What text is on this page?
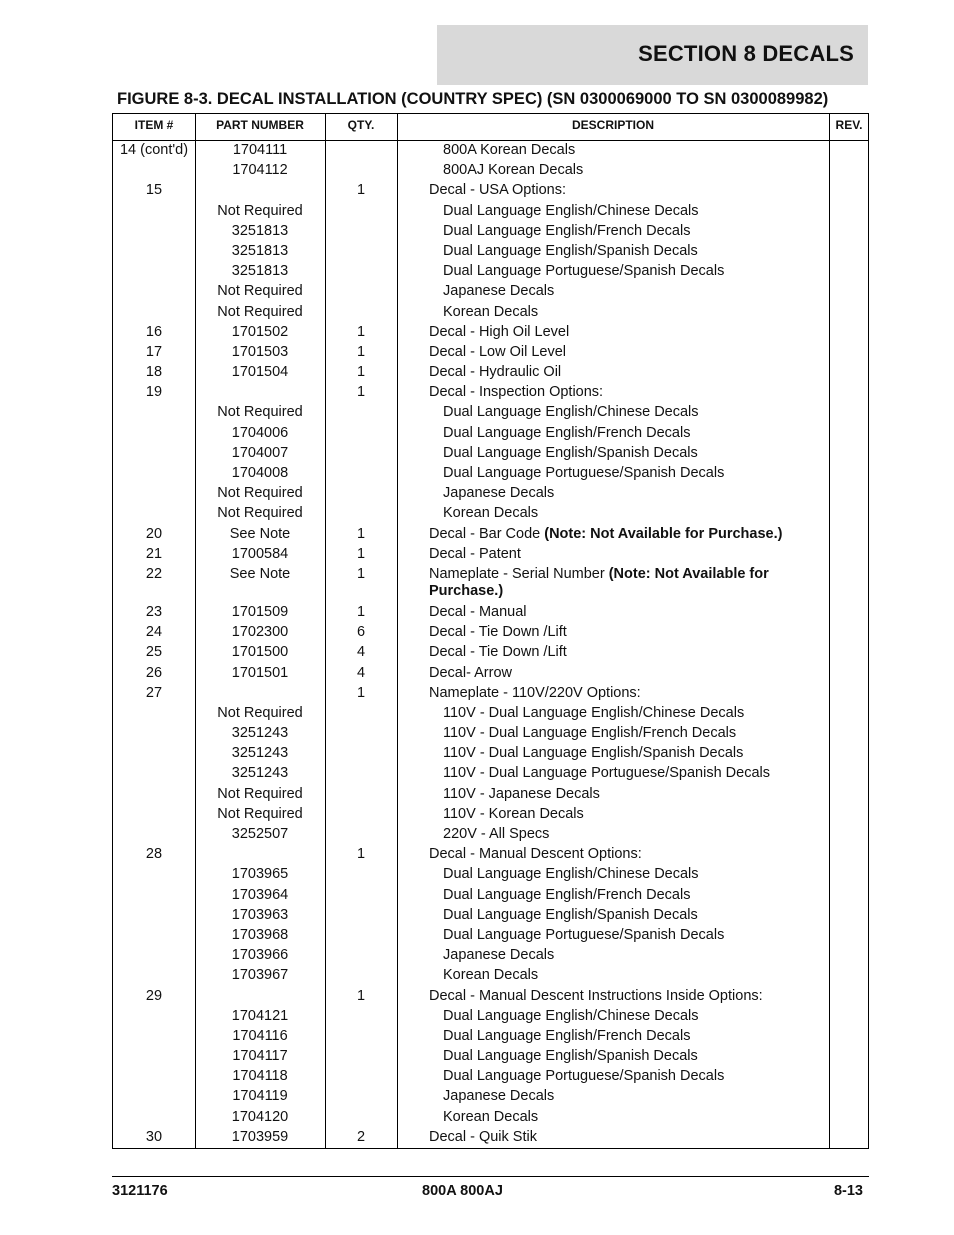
SECTION 8 DECALS
FIGURE 8-3. DECAL INSTALLATION (COUNTRY SPEC) (SN 0300069000 TO SN 0300089982)
ITEM #	PART NUMBER	QTY.	DESCRIPTION	REV.
14 (cont'd)	1704111	800A Korean Decals
1704112	800AJ Korean Decals
15	1	Decal - USA Options:
Not Required	Dual Language English/Chinese Decals
3251813	Dual Language English/French Decals
3251813	Dual Language English/Spanish Decals
3251813	Dual Language Portuguese/Spanish Decals
Not Required	Japanese Decals
Not Required	Korean Decals
16	1701502	1	Decal - High Oil Level
17	1701503	1	Decal - Low Oil Level
18	1701504	1	Decal - Hydraulic Oil
19	1	Decal - Inspection Options:
Not Required	Dual Language English/Chinese Decals
1704006	Dual Language English/French Decals
1704007	Dual Language English/Spanish Decals
1704008	Dual Language Portuguese/Spanish Decals
Not Required	Japanese Decals
Not Required	Korean Decals
20	See Note	1	Decal - Bar Code (Note: Not Available for Purchase.)
21	1700584	1	Decal - Patent
22	See Note	1	Nameplate - Serial Number (Note: Not Available for Purchase.)
23	1701509	1	Decal - Manual
24	1702300	6	Decal - Tie Down /Lift
25	1701500	4	Decal - Tie Down /Lift
26	1701501	4	Decal- Arrow
27	1	Nameplate - 110V/220V Options:
Not Required	110V - Dual Language English/Chinese Decals
3251243	110V - Dual Language English/French Decals
3251243	110V - Dual Language English/Spanish Decals
3251243	110V - Dual Language Portuguese/Spanish Decals
Not Required	110V - Japanese Decals
Not Required	110V - Korean Decals
3252507	220V - All Specs
28	1	Decal - Manual Descent Options:
1703965	Dual Language English/Chinese Decals
1703964	Dual Language English/French Decals
1703963	Dual Language English/Spanish Decals
1703968	Dual Language Portuguese/Spanish Decals
1703966	Japanese Decals
1703967	Korean Decals
29	1	Decal - Manual Descent Instructions Inside Options:
1704121	Dual Language English/Chinese Decals
1704116	Dual Language English/French Decals
1704117	Dual Language English/Spanish Decals
1704118	Dual Language Portuguese/Spanish Decals
1704119	Japanese Decals
1704120	Korean Decals
30	1703959	2	Decal - Quik Stik
3121176	800A 800AJ	8-13
